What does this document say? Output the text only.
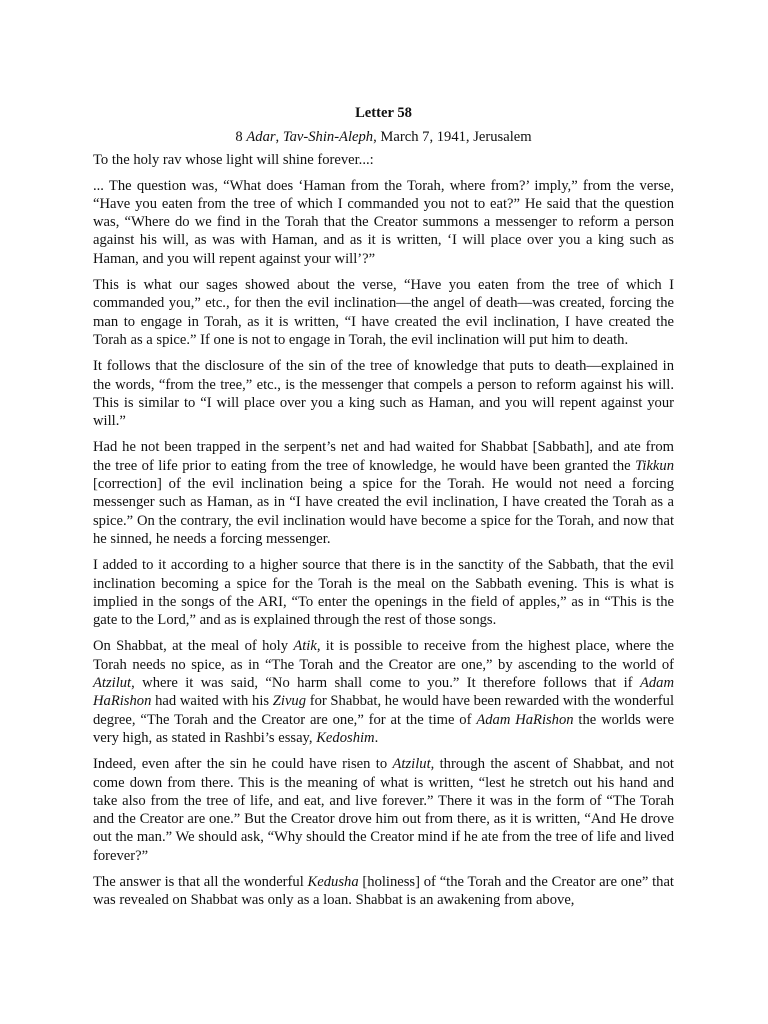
Letter 58
8 Adar, Tav-Shin-Aleph, March 7, 1941, Jerusalem

To the holy rav whose light will shine forever...:

... The question was, “What does ‘Haman from the Torah, where from?’ imply,” from the verse, “Have you eaten from the tree of which I commanded you not to eat?” He said that the question was, “Where do we find in the Torah that the Creator summons a messenger to reform a person against his will, as was with Haman, and as it is written, ‘I will place over you a king such as Haman, and you will repent against your will’?”

This is what our sages showed about the verse, “Have you eaten from the tree of which I commanded you,” etc., for then the evil inclination—the angel of death—was created, forcing the man to engage in Torah, as it is written, “I have created the evil inclination, I have created the Torah as a spice.” If one is not to engage in Torah, the evil inclination will put him to death.

It follows that the disclosure of the sin of the tree of knowledge that puts to death—explained in the words, “from the tree,” etc., is the messenger that compels a person to reform against his will. This is similar to “I will place over you a king such as Haman, and you will repent against your will.”

Had he not been trapped in the serpent’s net and had waited for Shabbat [Sabbath], and ate from the tree of life prior to eating from the tree of knowledge, he would have been granted the Tikkun [correction] of the evil inclination being a spice for the Torah. He would not need a forcing messenger such as Haman, as in “I have created the evil inclination, I have created the Torah as a spice.” On the contrary, the evil inclination would have become a spice for the Torah, and now that he sinned, he needs a forcing messenger.

I added to it according to a higher source that there is in the sanctity of the Sabbath, that the evil inclination becoming a spice for the Torah is the meal on the Sabbath evening. This is what is implied in the songs of the ARI, “To enter the openings in the field of apples,” as in “This is the gate to the Lord,” and as is explained through the rest of those songs.

On Shabbat, at the meal of holy Atik, it is possible to receive from the highest place, where the Torah needs no spice, as in “The Torah and the Creator are one,” by ascending to the world of Atzilut, where it was said, “No harm shall come to you.” It therefore follows that if Adam HaRishon had waited with his Zivug for Shabbat, he would have been rewarded with the wonderful degree, “The Torah and the Creator are one,” for at the time of Adam HaRishon the worlds were very high, as stated in Rashbi’s essay, Kedoshim.

Indeed, even after the sin he could have risen to Atzilut, through the ascent of Shabbat, and not come down from there. This is the meaning of what is written, “lest he stretch out his hand and take also from the tree of life, and eat, and live forever.” There it was in the form of “The Torah and the Creator are one.” But the Creator drove him out from there, as it is written, “And He drove out the man.” We should ask, “Why should the Creator mind if he ate from the tree of life and lived forever?”

The answer is that all the wonderful Kedusha [holiness] of “the Torah and the Creator are one” that was revealed on Shabbat was only as a loan. Shabbat is an awakening from above,
